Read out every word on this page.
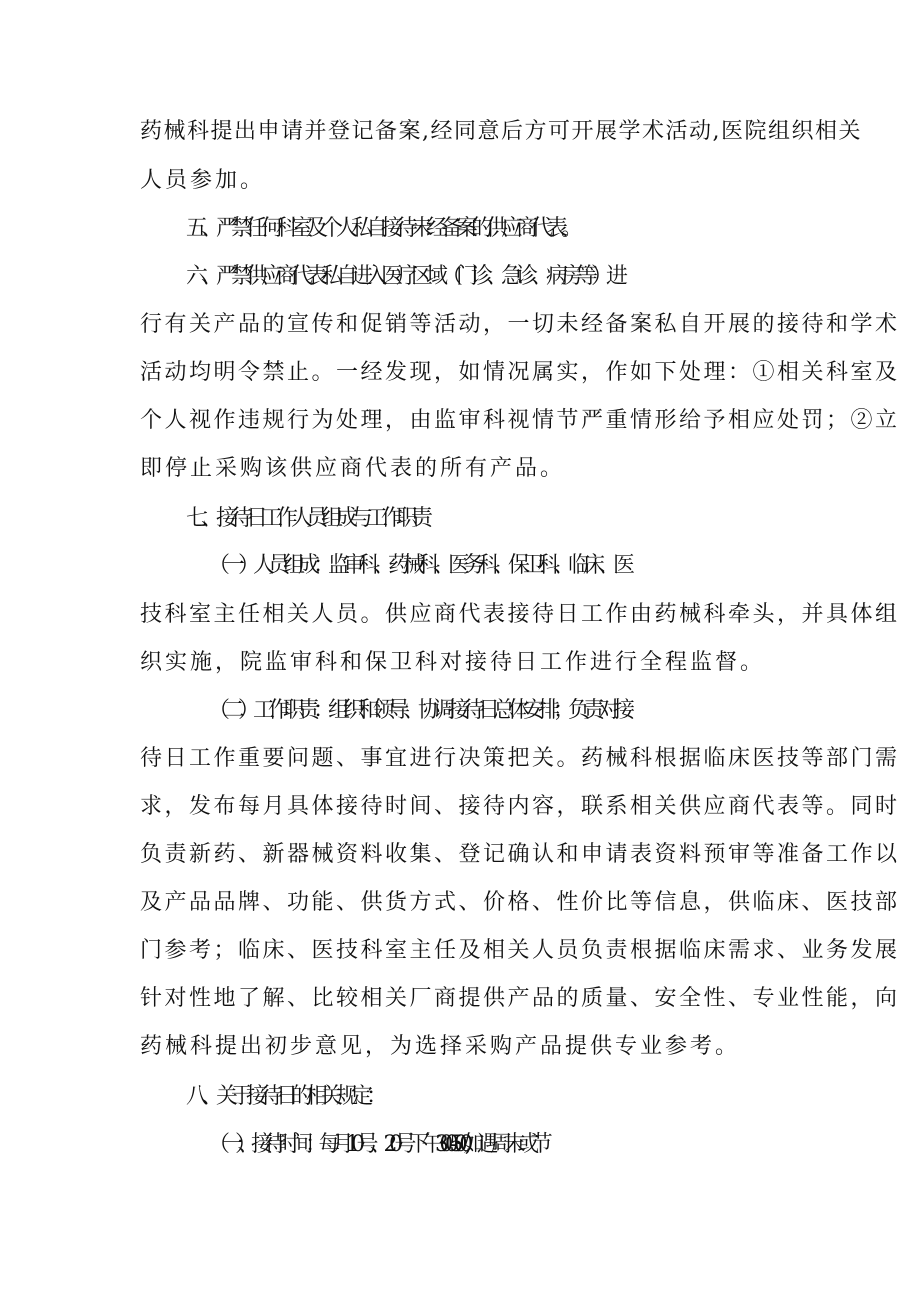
药械科提出申请并登记备案,经同意后方可开展学术活动,医院组织相关
人员参加。
五、严禁任何科室及个人私自接待未经备案的供应商代表。
六、严禁供应商代表私自进入医疗区域（门诊、急诊、病房等）进
行有关产品的宣传和促销等活动，一切未经备案私自开展的接待和学术
活动均明令禁止。一经发现，如情况属实，作如下处理：①相关科室及
个人视作违规行为处理，由监审科视情节严重情形给予相应处罚；②立
即停止采购该供应商代表的所有产品。
七、接待日工作人员组成与工作职责
（一）人员组成：监审科、药械科、医务科、保卫科、临床、医
技科室主任相关人员。供应商代表接待日工作由药械科牵头，并具体组
织实施，院监审科和保卫科对接待日工作进行全程监督。
（二）工作职责：组织和领导、协调接待日总体安排；负责对接
待日工作重要问题、事宜进行决策把关。药械科根据临床医技等部门需
求，发布每月具体接待时间、接待内容，联系相关供应商代表等。同时
负责新药、新器械资料收集、登记确认和申请表资料预审等准备工作以
及产品品牌、功能、供货方式、价格、性价比等信息，供临床、医技部
门参考；临床、医技科室主任及相关人员负责根据临床需求、业务发展
针对性地了解、比较相关厂商提供产品的质量、安全性、专业性能，向
药械科提出初步意见，为选择采购产品提供专业参考。
八、关于接待日的相关规定：
（一）、接待时间：每月10号、20号下午3:00-5:00,如遇周末或节
